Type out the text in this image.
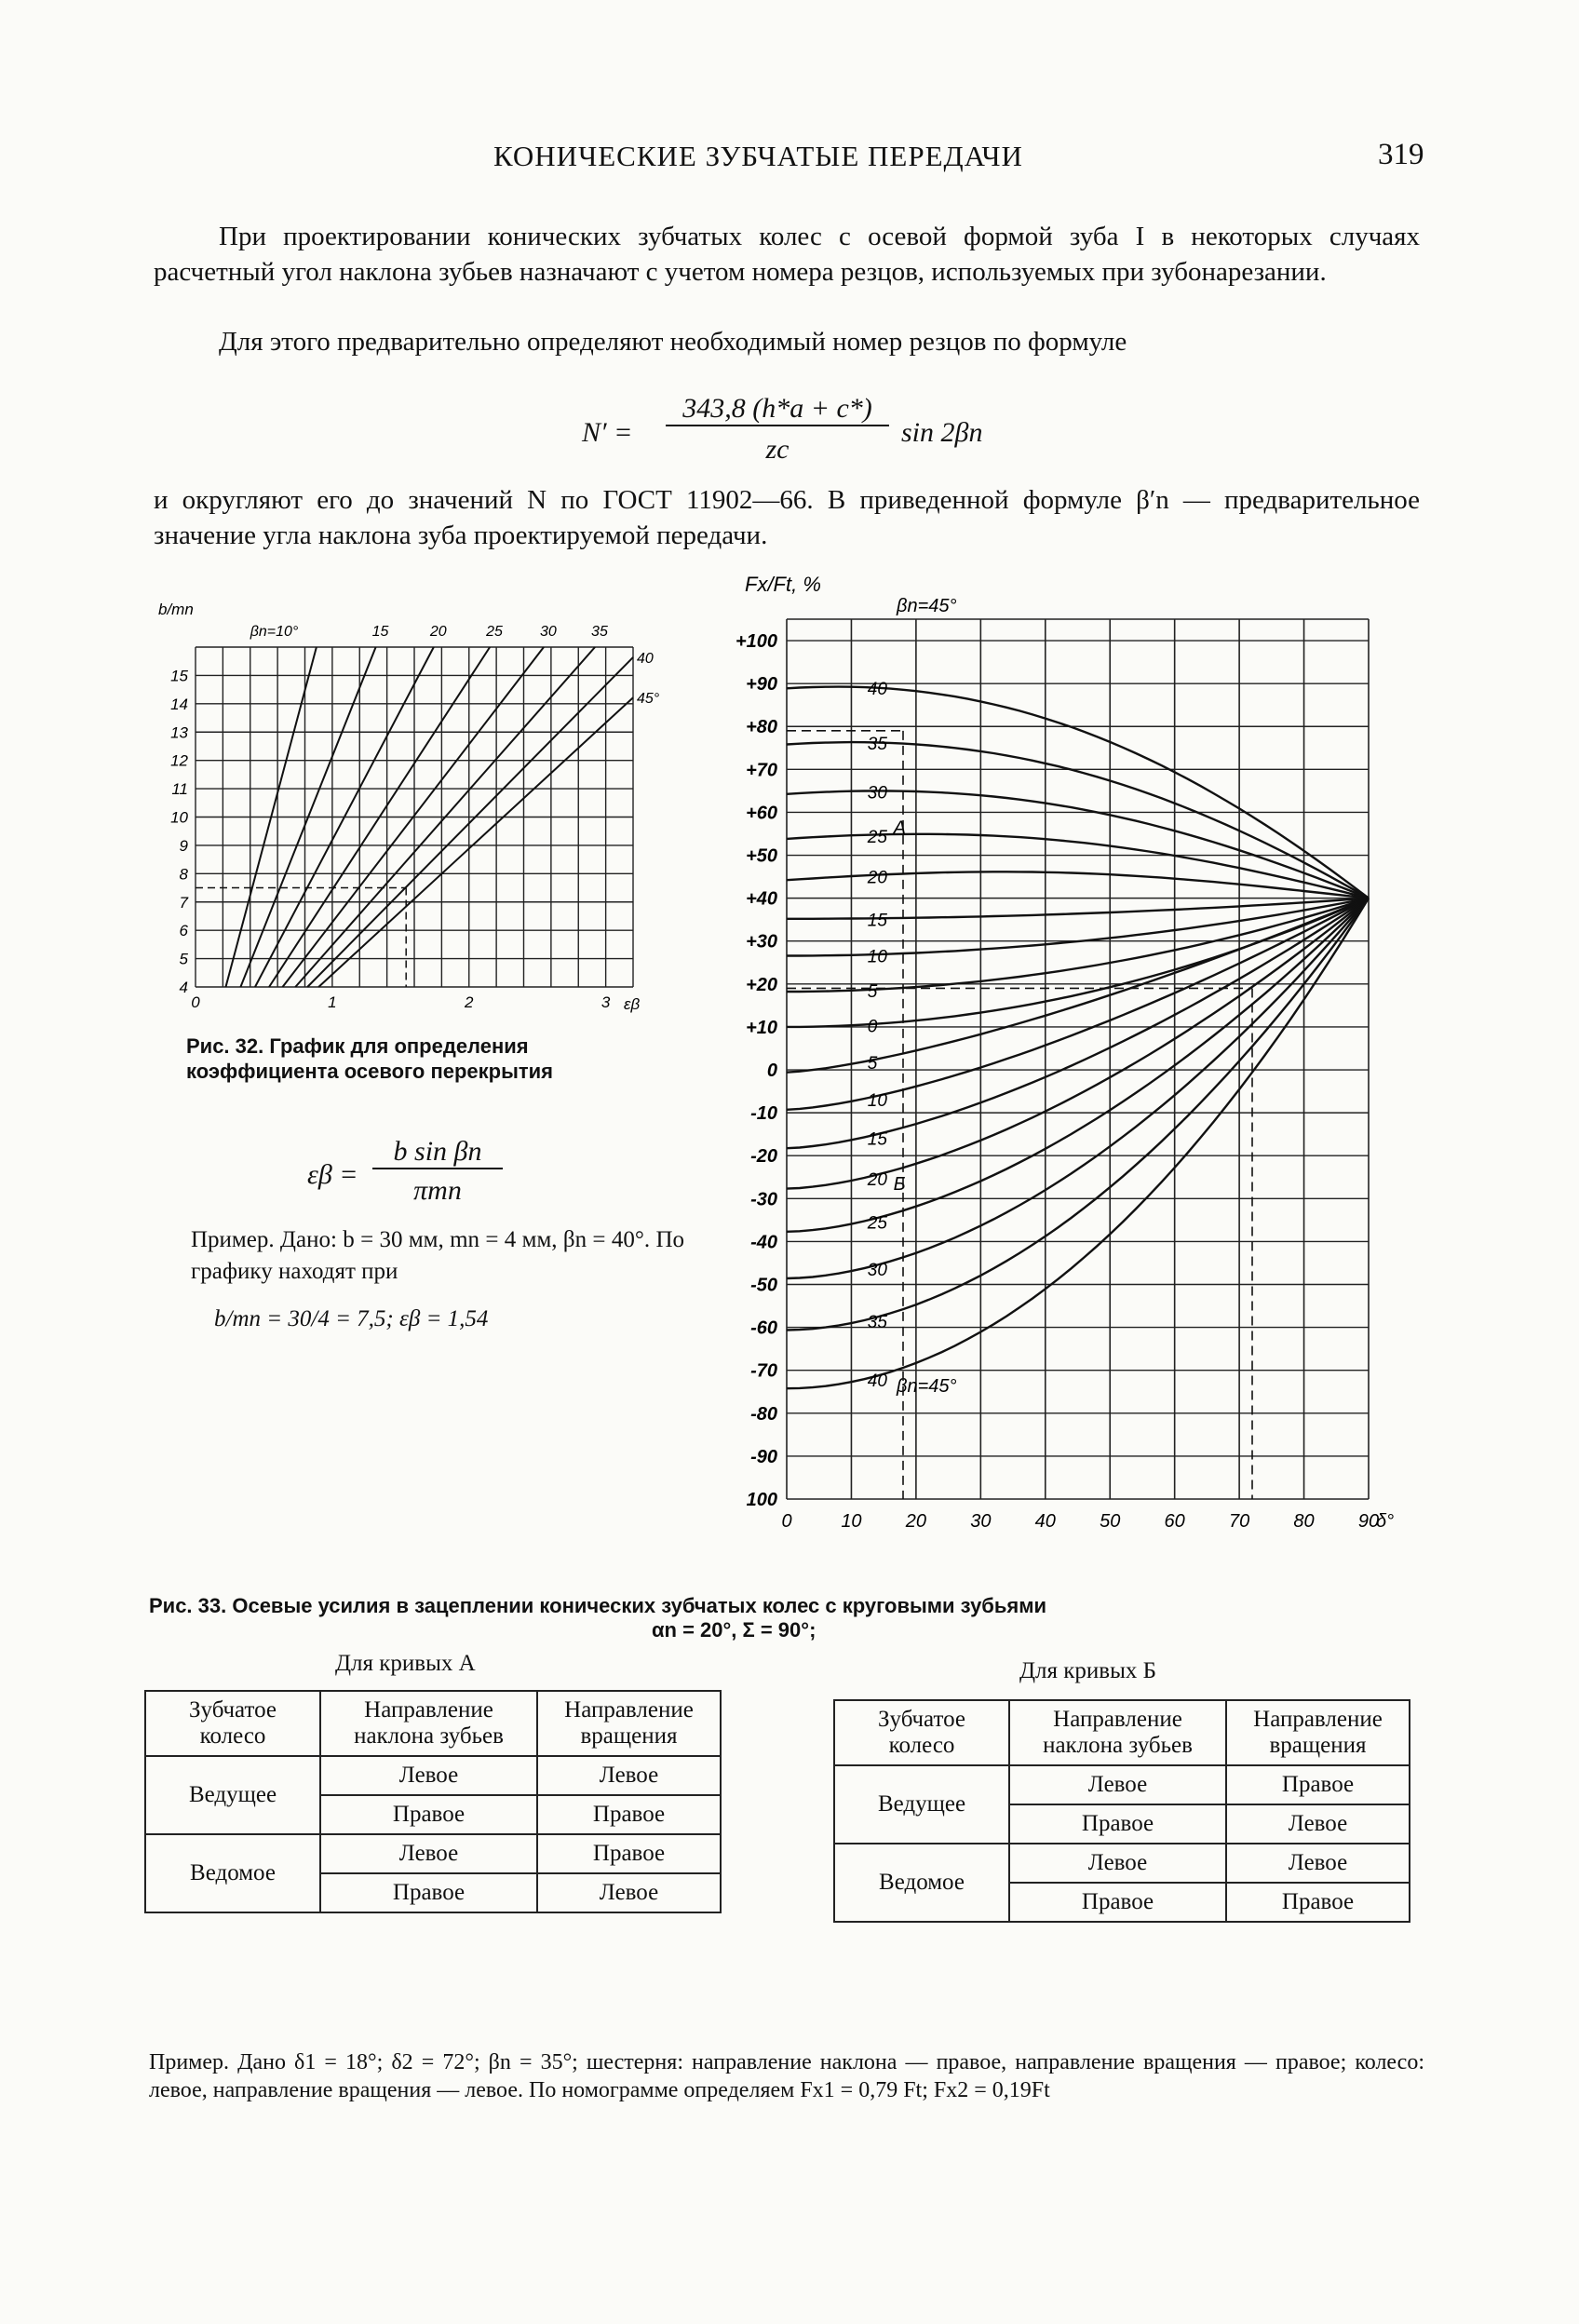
КОНИЧЕСКИЕ ЗУБЧАТЫЕ ПЕРЕДАЧИ	319
При проектировании конических зубчатых колес с осевой формой зуба I в некоторых случаях расчетный угол наклона зубьев назначают с учетом номера резцов, используемых при зубонарезании.
Для этого предварительно определяют необходимый номер резцов по формуле
N′ =
343,8 (h*a + c*)
zc
sin 2βn
и округляют его до значений N по ГОСТ 11902—66. В приведенной формуле β′n — предварительное значение угла наклона зуба проектируемой передачи.
4
5
6
7
8
9
10
11
12
13
14
15
0	1	2	3
b/mn
εβ
βn=10°	15	20	25	30 35
40
45°
Рис. 32. График для определения коэффициента осевого перекрытия
εβ =
b sin βn
πmn
Пример. Дано: b = 30 мм, mn = 4 мм, βn = 40°. По графику находят при
b/mn = 30/4 = 7,5; εβ = 1,54
+100
+90
+80
+70
+60
+50
+40
+30
+20
+10
0
-10
-20
-30
-40
-50
-60
-70
-80
-90
100
0	10 20 30 40 50 60 70 80 90
Fx/Ft, %
δ°
βn=45°
βn=45°
40
35
30
25
20
15
10
5
0
5
10
15
20
25
30
35
40
A
Б
Рис. 33. Осевые усилия в зацеплении конических зубчатых колес с круговыми зубьями
αn = 20°, Σ = 90°;
Для кривых А
Зубчатое колесо	Направление наклона зубьев	Направление вращения
Ведущее	Левое	Левое
	Правое	Правое
Ведомое	Левое	Правое
	Правое	Левое
Для кривых Б
Зубчатое колесо	Направление наклона зубьев	Направление вращения
Ведущее	Левое	Правое
	Правое	Левое
Ведомое	Левое	Левое
	Правое	Правое
Пример. Дано δ1 = 18°; δ2 = 72°; βn = 35°; шестерня: направление наклона — правое, направление вращения — правое; колесо: левое, направление вращения — левое. По номограмме определяем Fx1 = 0,79 Ft; Fx2 = 0,19Ft
